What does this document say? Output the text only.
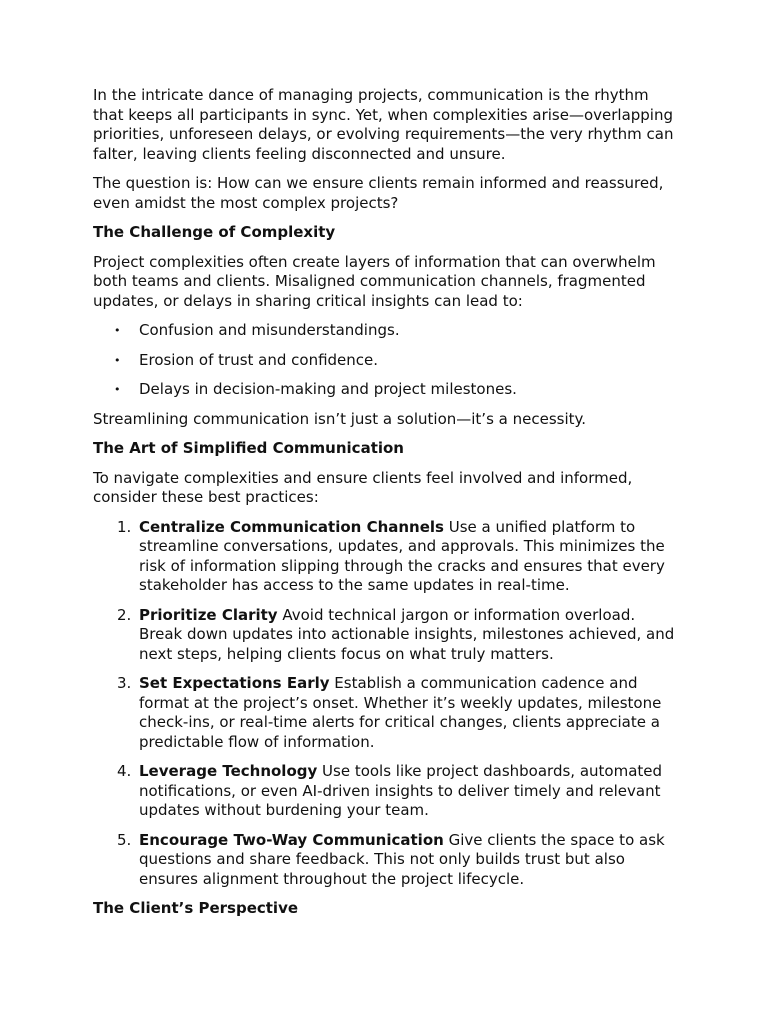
In the intricate dance of managing projects, communication is the rhythm that keeps all participants in sync. Yet, when complexities arise—overlapping priorities, unforeseen delays, or evolving requirements—the very rhythm can falter, leaving clients feeling disconnected and unsure.

The question is: How can we ensure clients remain informed and reassured, even amidst the most complex projects?

The Challenge of Complexity

Project complexities often create layers of information that can overwhelm both teams and clients. Misaligned communication channels, fragmented updates, or delays in sharing critical insights can lead to:

• Confusion and misunderstandings.
• Erosion of trust and confidence.
• Delays in decision-making and project milestones.

Streamlining communication isn’t just a solution—it’s a necessity.

The Art of Simplified Communication

To navigate complexities and ensure clients feel involved and informed, consider these best practices:

1. Centralize Communication Channels Use a unified platform to streamline conversations, updates, and approvals. This minimizes the risk of information slipping through the cracks and ensures that every stakeholder has access to the same updates in real-time.
2. Prioritize Clarity Avoid technical jargon or information overload. Break down updates into actionable insights, milestones achieved, and next steps, helping clients focus on what truly matters.
3. Set Expectations Early Establish a communication cadence and format at the project’s onset. Whether it’s weekly updates, milestone check-ins, or real-time alerts for critical changes, clients appreciate a predictable flow of information.
4. Leverage Technology Use tools like project dashboards, automated notifications, or even AI-driven insights to deliver timely and relevant updates without burdening your team.
5. Encourage Two-Way Communication Give clients the space to ask questions and share feedback. This not only builds trust but also ensures alignment throughout the project lifecycle.
The Client’s Perspective
